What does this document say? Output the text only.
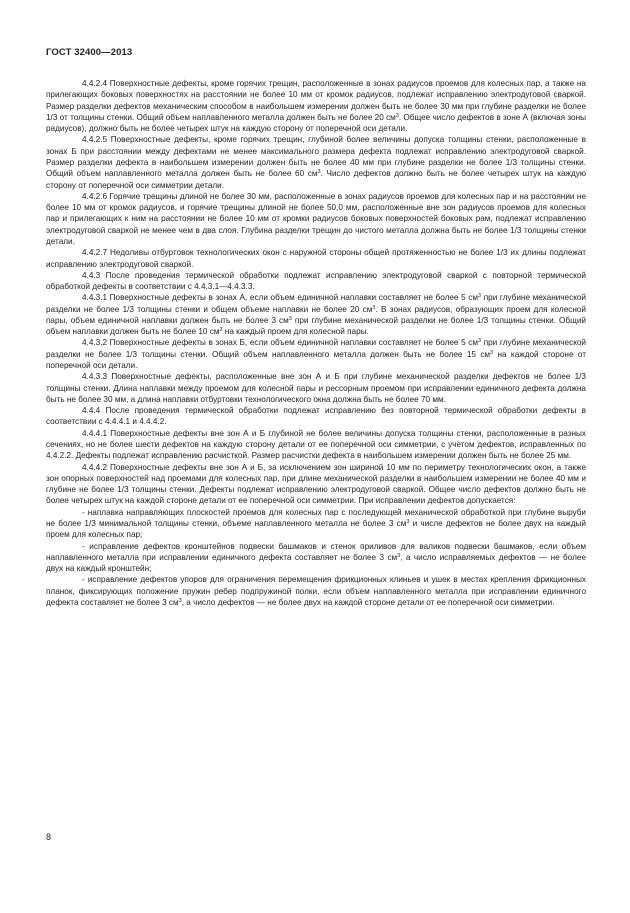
ГОСТ 32400—2013

4.4.2.4 Поверхностные дефекты, кроме горячих трещин, расположенные в зонах радиусов проемов для колесных пар, а также на прилегающих боковых поверхностях на расстоянии не более 10 мм от кромок радиусов, подлежат исправлению электродуговой сваркой. Размер разделки дефектов механическим способом в наибольшем измерении должен быть не более 30 мм при глубине разделки не более 1/3 от толщины стенки. Общий объем наплавленного металла должен быть не более 20 $см^3$. Общее число дефектов в зоне А (включая зоны радиусов), должно быть не более четырех штук на каждую сторону от поперечной оси детали.

4.4.2.5 Поверхностные дефекты, кроме горячих трещин, глубиной более величины допуска толщины стенки, расположенные в зонах Б при расстоянии между дефектами не менее максимального размера дефекта подлежат исправлению электродуговой сваркой. Размер разделки дефекта в наибольшем измерении должен быть не более 40 мм при глубине разделки не более 1/3 толщины стенки. Общий объем наплавленного металла должен быть не более 60 $см^3$. Число дефектов должно быть не более четырех штук на каждую сторону от поперечной оси симметрии детали.

4.4.2.6 Горячие трещины длиной не более 30 мм, расположенные в зонах радиусов проемов для колесных пар и на расстоянии не более 10 мм от кромок радиусов, и горячие трещины длиной не более 50,0 мм, расположенные вне зон радиусов проемов для колесных пар и прилегающих к ним на расстоянии не более 10 мм от кромки радиусов боковых поверхностей боковых рам, подлежат исправлению электродуговой сваркой не менее чем в два слоя. Глубина разделки трещин до чистого металла должна быть не более 1/3 толщины стенки детали.

4.4.2.7 Недоливы отбуртовок технологических окон с наружной стороны общей протяженностью не более 1/3 их длины подлежат исправлению электродуговой сваркой.

4.4.3 После проведения термической обработки подлежат исправлению электродуговой сваркой с повторной термической обработкой дефекты в соответствии с 4.4.3.1—4.4.3.3.

4.4.3.1 Поверхностные дефекты в зонах А, если объем единичной наплавки составляет не более 5 $см^3$ при глубине механической разделки не более 1/3 толщины стенки и общем объеме наплавки не более 20 $см^3$. В зонах радиусов, образующих проем для колесной пары, объем единичной наплавки должен быть не более 3 $см^3$ при глубине механической разделки не более 1/3 толщины стенки. Общий объем наплавки должен быть не более 10 $см^3$ на каждый проем для колесной пары.

4.4.3.2 Поверхностные дефекты в зонах Б, если объем единичной наплавки составляет не более 5 $см^3$ при глубине механической разделки не более 1/3 толщины стенки. Общий объем наплавленного металла должен быть не более 15 $см^3$ на каждой стороне от поперечной оси детали.

4.4.3.3 Поверхностные дефекты, расположенные вне зон А и Б при глубине механической разделки дефектов не более 1/3 толщины стенки. Длина наплавки между проемом для колесной пары и рессорным проемом при исправлении единичного дефекта должна быть не более 30 мм, а длина наплавки отбуртовки технологического окна должна быть не более 70 мм.

4.4.4 После проведения термической обработки подлежат исправлению без повторной термической обработки дефекты в соответствии с 4.4.4.1 и 4.4.4.2.

4.4.4.1 Поверхностные дефекты вне зон А и Б глубиной не более величины допуска толщины стенки, расположенные в разных сечениях, но не более шести дефектов на каждую сторону детали от ее поперечной оси симметрии, с учетом дефектов, исправленных по 4.4.2.2. Дефекты подлежат исправлению расчисткой. Размер расчистки дефекта в наибольшем измерении должен быть не более 25 мм.

4.4.4.2 Поверхностные дефекты вне зон А и Б, за исключением зон шириной 10 мм по периметру технологических окон, а также зон опорных поверхностей над проемами для колесных пар, при длине механической разделки в наибольшем измерении не более 40 мм и глубине не более 1/3 толщины стенки. Дефекты подлежат исправлению электродуговой сваркой. Общее число дефектов должно быть не более четырех штук на каждой стороне детали от ее поперечной оси симметрии. При исправлении дефектов допускается:

- наплавка направляющих плоскостей проемов для колесных пар с последующей механической обработкой при глубине выруби не более 1/3 минимальной толщины стенки, объеме наплавленного металла не более 3 $см^3$ и числе дефектов не более двух на каждый проем для колесных пар;

- исправление дефектов кронштейнов подвески башмаков и стенок приливов для валиков подвески башмаков, если объем наплавленного металла при исправлении единичного дефекта составляет не более 3 $см^3$, а число исправляемых дефектов — не более двух на каждый кронштейн;

- исправление дефектов упоров для ограничения перемещения фрикционных клиньев и ушек в местах крепления фрикционных планок, фиксирующих положение пружин ребер подпружиной полки, если объем наплавленного металла при исправлении единичного дефекта составляет не более 3 $см^3$, а число дефектов — не более двух на каждой стороне детали от ее поперечной оси симметрии.

8
